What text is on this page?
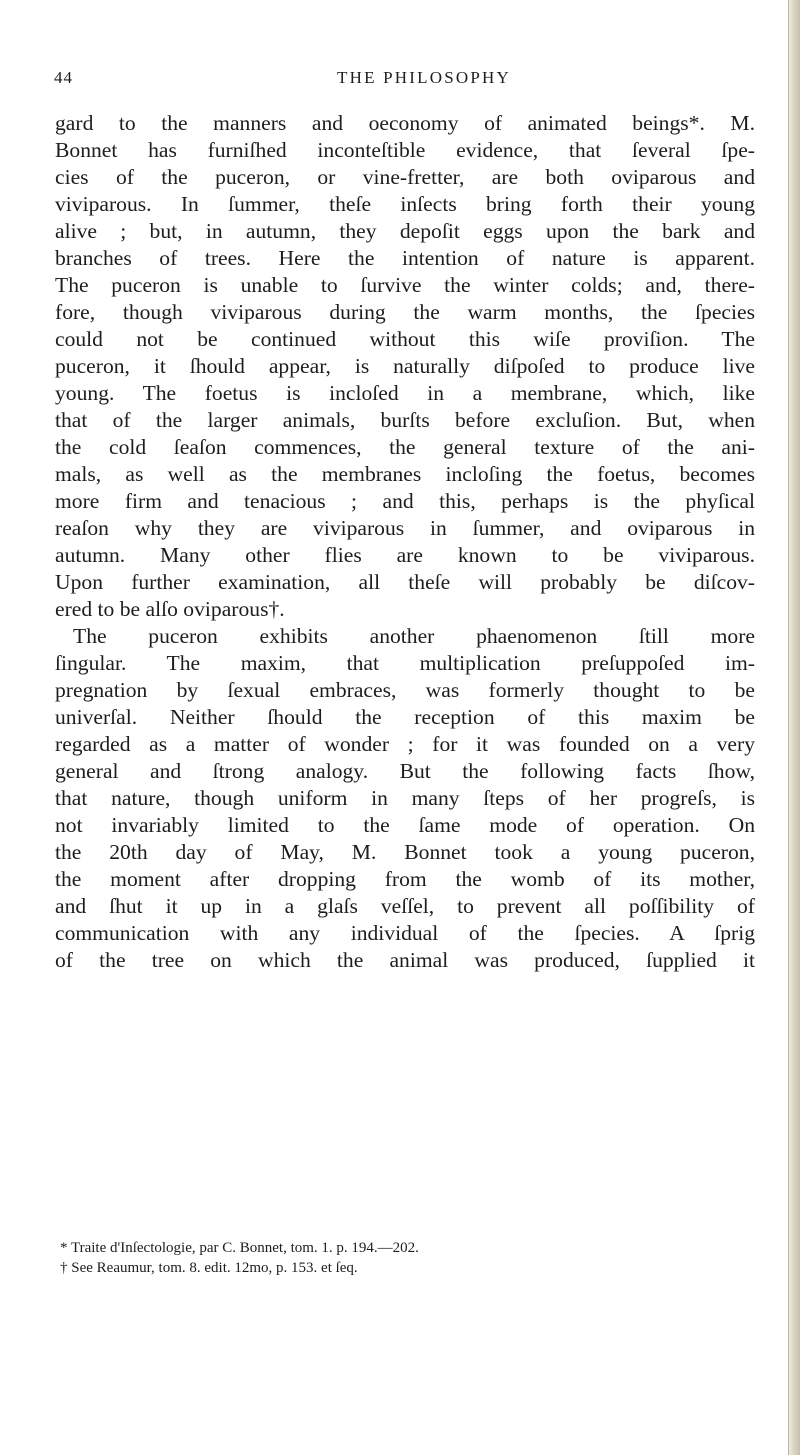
44	THE PHILOSOPHY
gard to the manners and oeconomy of animated beings*. M.
Bonnet has furniſhed inconteſtible evidence, that ſeveral ſpe-
cies of the puceron, or vine-fretter, are both oviparous and
viviparous. In ſummer, theſe inſects bring forth their young
alive ; but, in autumn, they depoſit eggs upon the bark and
branches of trees. Here the intention of nature is apparent.
The puceron is unable to ſurvive the winter colds; and, there-
fore, though viviparous during the warm months, the ſpecies
could not be continued without this wiſe proviſion. The
puceron, it ſhould appear, is naturally diſpoſed to produce live
young. The foetus is incloſed in a membrane, which, like
that of the larger animals, burſts before excluſion. But, when
the cold ſeaſon commences, the general texture of the ani-
mals, as well as the membranes incloſing the foetus, becomes
more firm and tenacious ; and this, perhaps is the phyſical
reaſon why they are viviparous in ſummer, and oviparous in
autumn. Many other flies are known to be viviparous.
Upon further examination, all theſe will probably be diſcov-
ered to be alſo oviparous†.
The puceron exhibits another phaenomenon ſtill more
ſingular. The maxim, that multiplication preſuppoſed im-
pregnation by ſexual embraces, was formerly thought to be
univerſal. Neither ſhould the reception of this maxim be
regarded as a matter of wonder ; for it was founded on a very
general and ſtrong analogy. But the following facts ſhow,
that nature, though uniform in many ſteps of her progreſs, is
not invariably limited to the ſame mode of operation. On
the 20th day of May, M. Bonnet took a young puceron,
the moment after dropping from the womb of its mother,
and ſhut it up in a glaſs veſſel, to prevent all poſſibility of
communication with any individual of the ſpecies. A ſprig
of the tree on which the animal was produced, ſupplied it
* Traite d'Inſectologie, par C. Bonnet, tom. 1. p. 194.—202.
† See Reaumur, tom. 8. edit. 12mo, p. 153. et ſeq.
